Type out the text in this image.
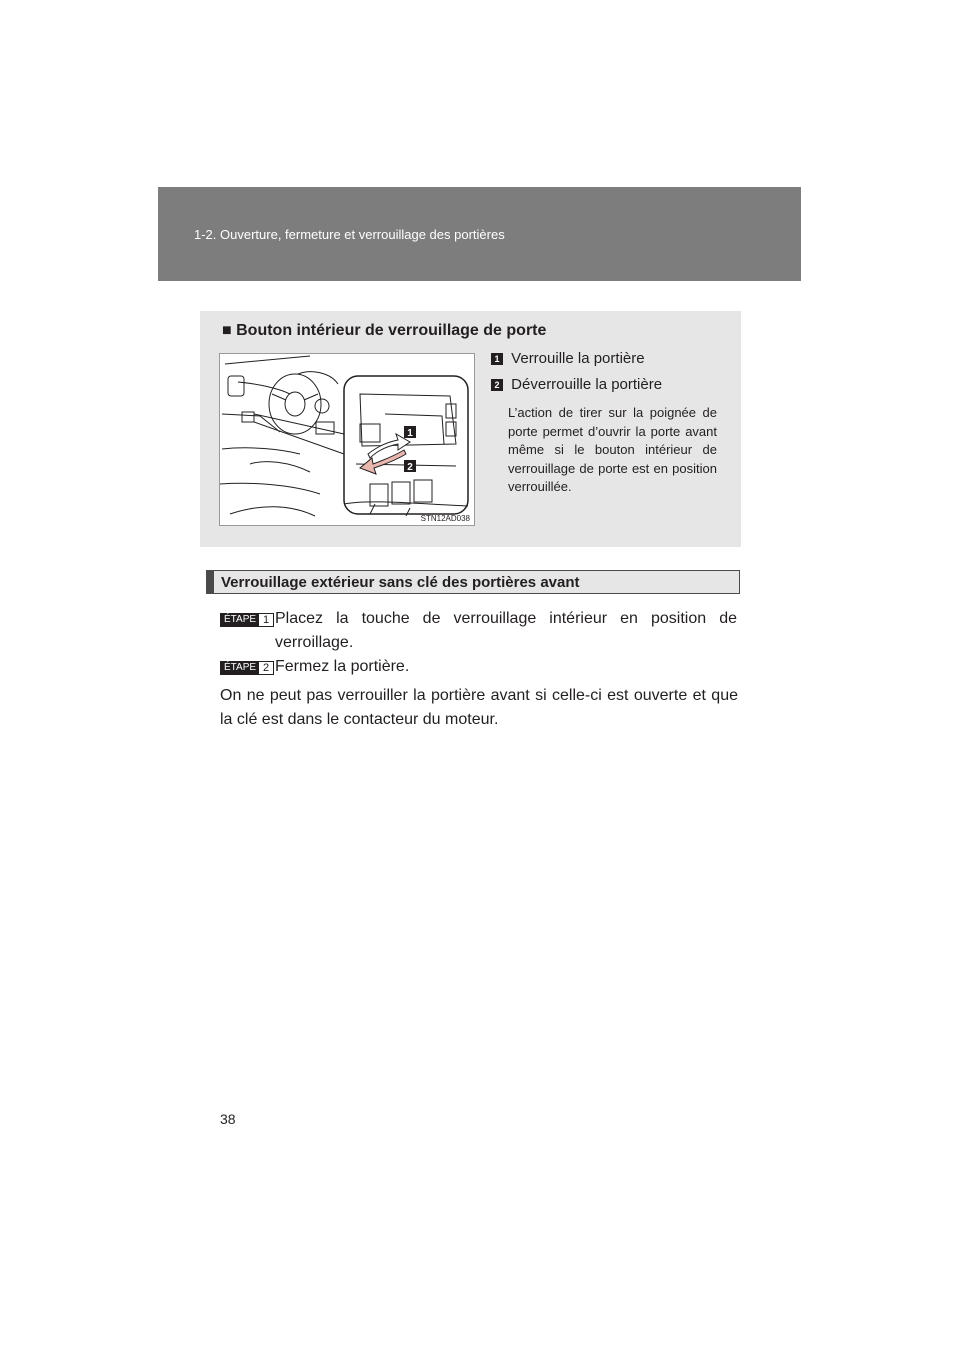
1-2. Ouverture, fermeture et verrouillage des portières
■ Bouton intérieur de verrouillage de porte
1
2
STN12AD038
1 Verrouille la portière
2 Déverrouille la portière
L’action de tirer sur la poignée de porte permet d’ouvrir la porte avant même si le bouton intérieur de verrouillage de porte est en position verrouillée.
Verrouillage extérieur sans clé des portières avant
ÉTAPE 1 Placez la touche de verrouillage intérieur en position de verroillage.
ÉTAPE 2 Fermez la portière.
On ne peut pas verrouiller la portière avant si celle-ci est ouverte et que la clé est dans le contacteur du moteur.
38
